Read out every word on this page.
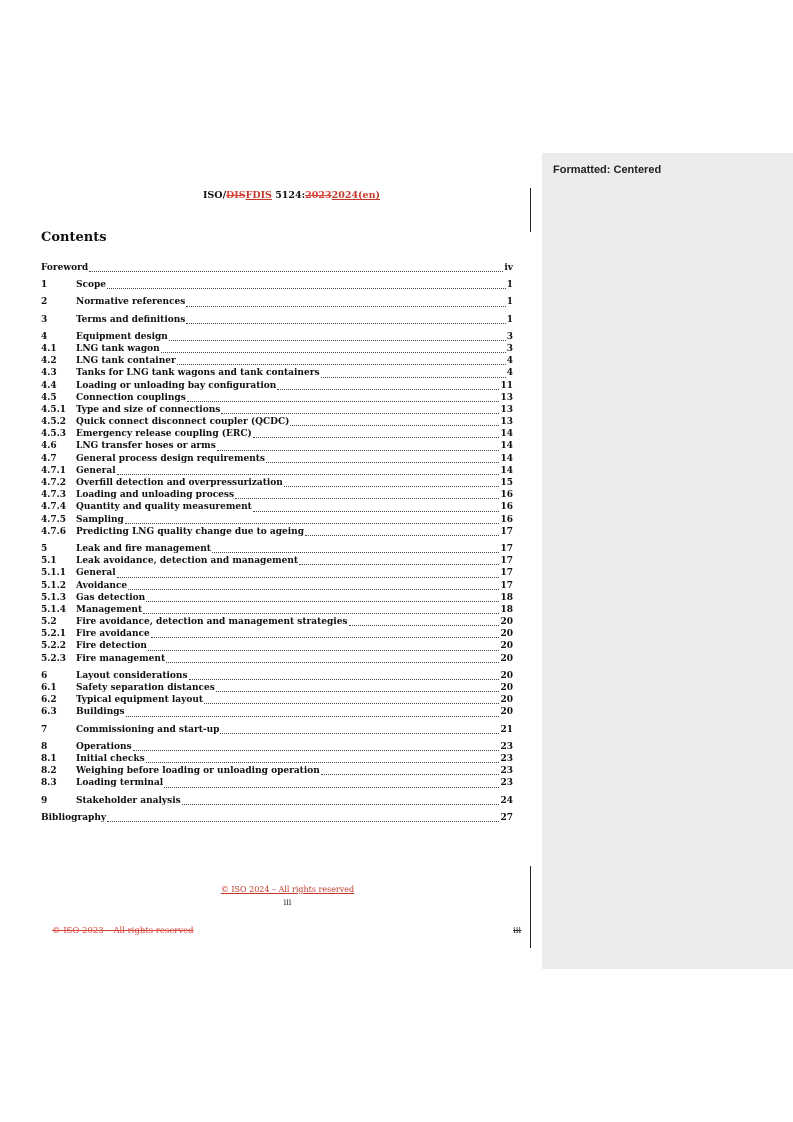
Formatted: Centered
ISO/DISFDIS 5124:20232024(en)
Contents
Foreword	iv
1	Scope	1
2	Normative references	1
3	Terms and definitions	1
4	Equipment design	3
4.1	LNG tank wagon	3
4.2	LNG tank container	4
4.3	Tanks for LNG tank wagons and tank containers	4
4.4	Loading or unloading bay configuration	11
4.5	Connection couplings	13
4.5.1	Type and size of connections	13
4.5.2	Quick connect disconnect coupler (QCDC)	13
4.5.3	Emergency release coupling (ERC)	14
4.6	LNG transfer hoses or arms	14
4.7	General process design requirements	14
4.7.1	General	14
4.7.2	Overfill detection and overpressurization	15
4.7.3	Loading and unloading process	16
4.7.4	Quantity and quality measurement	16
4.7.5	Sampling	16
4.7.6	Predicting LNG quality change due to ageing	17
5	Leak and fire management	17
5.1	Leak avoidance, detection and management	17
5.1.1	General	17
5.1.2	Avoidance	17
5.1.3	Gas detection	18
5.1.4	Management	18
5.2	Fire avoidance, detection and management strategies	20
5.2.1	Fire avoidance	20
5.2.2	Fire detection	20
5.2.3	Fire management	20
6	Layout considerations	20
6.1	Safety separation distances	20
6.2	Typical equipment layout	20
6.3	Buildings	20
7	Commissioning and start-up	21
8	Operations	23
8.1	Initial checks	23
8.2	Weighing before loading or unloading operation	23
8.3	Loading terminal	23
9	Stakeholder analysis	24
Bibliography	27
© ISO 2024 – All rights reserved
iii
© ISO 2023 – All rights reserved	iii
